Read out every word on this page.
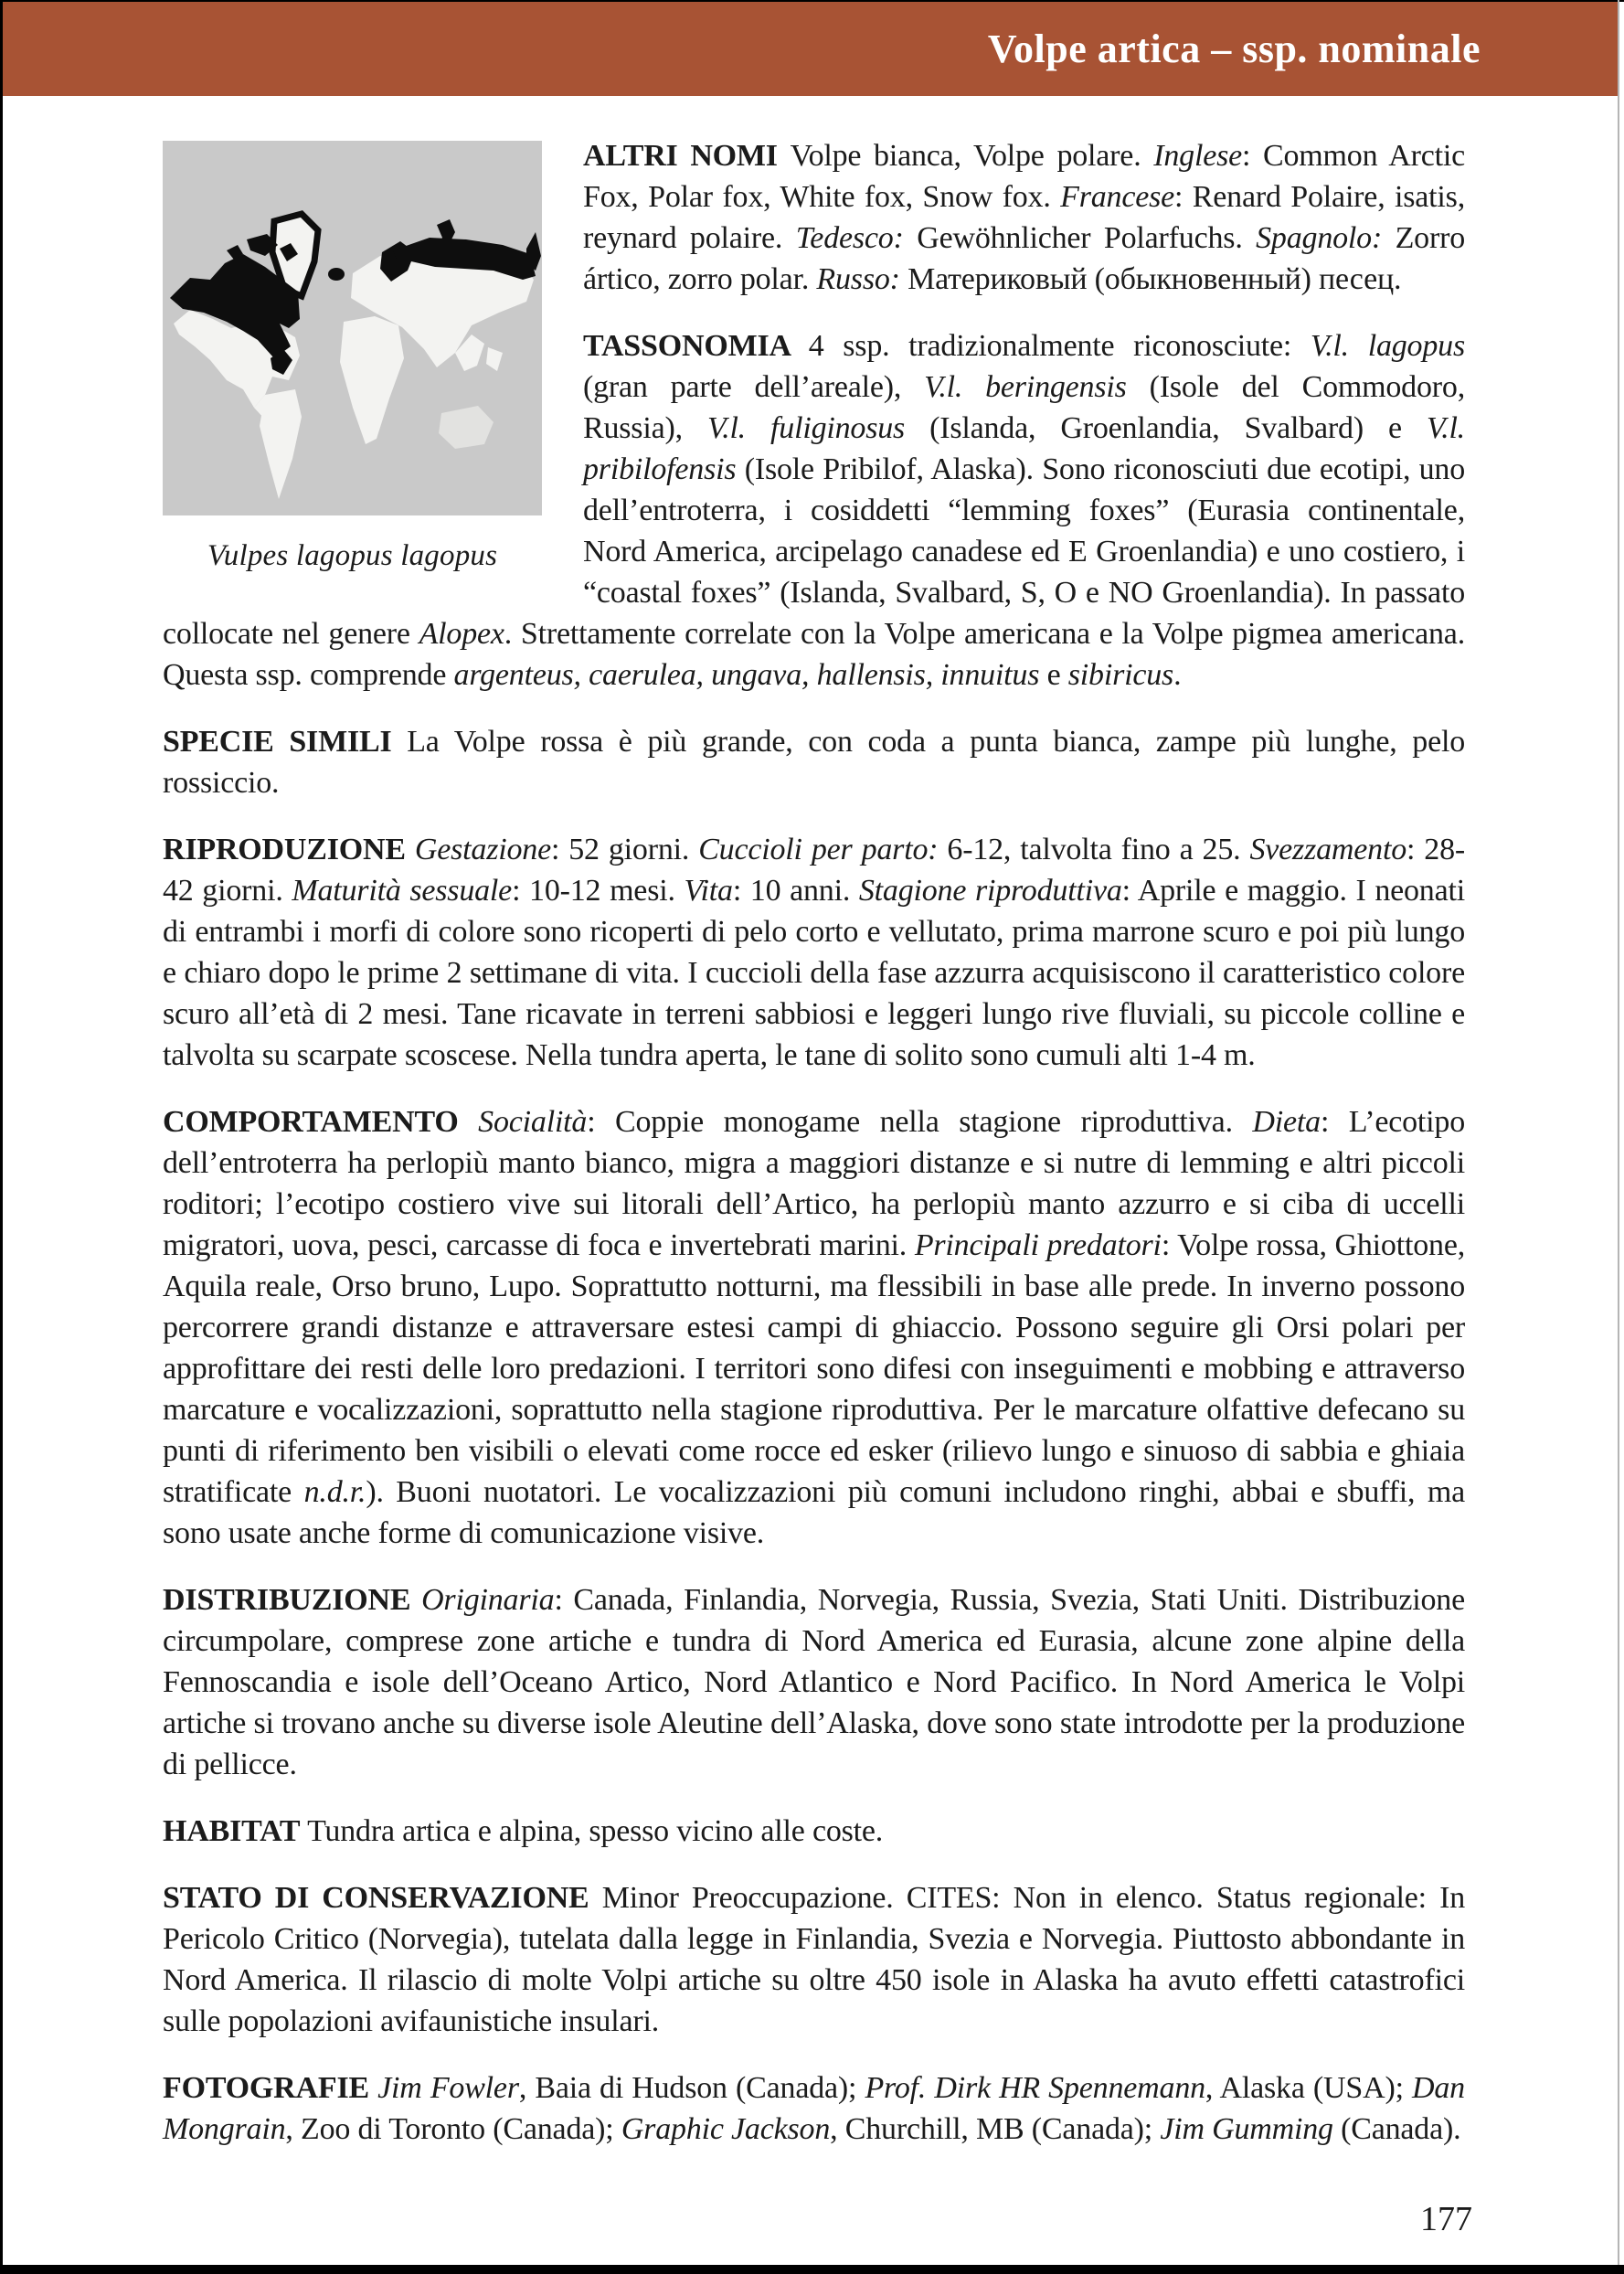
Volpe artica – ssp. nominale
Vulpes lagopus lagopus

ALTRI NOMI Volpe bianca, Volpe polare. Inglese: Common Arctic Fox, Polar fox, White fox, Snow fox. Francese: Renard Polaire, isatis, reynard polaire. Tedesco: Gewöhnlicher Polarfuchs. Spagnolo: Zorro ártico, zorro polar. Russo: Материковый (обыкновенный) песец.

TASSONOMIA 4 ssp. tradizionalmente riconosciute: V.l. lagopus (gran parte dell’areale), V.l. beringensis (Isole del Commodoro, Russia), V.l. fuliginosus (Islanda, Groenlandia, Svalbard) e V.l. pribilofensis (Isole Pribilof, Alaska). Sono riconosciuti due ecotipi, uno dell’entroterra, i cosiddetti “lemming foxes” (Eurasia continentale, Nord America, arcipelago canadese ed E Groenlandia) e uno costiero, i “coastal foxes” (Islanda, Svalbard, S, O e NO Groenlandia). In passato collocate nel genere Alopex. Strettamente correlate con la Volpe americana e la Volpe pigmea americana. Questa ssp. comprende argenteus, caerulea, ungava, hallensis, innuitus e sibiricus.

SPECIE SIMILI La Volpe rossa è più grande, con coda a punta bianca, zampe più lunghe, pelo rossiccio.

RIPRODUZIONE Gestazione: 52 giorni. Cuccioli per parto: 6-12, talvolta fino a 25. Svezzamento: 28-42 giorni. Maturità sessuale: 10-12 mesi. Vita: 10 anni. Stagione riproduttiva: Aprile e maggio. I neonati di entrambi i morfi di colore sono ricoperti di pelo corto e vellutato, prima marrone scuro e poi più lungo e chiaro dopo le prime 2 settimane di vita. I cuccioli della fase azzurra acquisiscono il caratteristico colore scuro all’età di 2 mesi. Tane ricavate in terreni sabbiosi e leggeri lungo rive fluviali, su piccole colline e talvolta su scarpate scoscese. Nella tundra aperta, le tane di solito sono cumuli alti 1-4 m.

COMPORTAMENTO Socialità: Coppie monogame nella stagione riproduttiva. Dieta: L’ecotipo dell’entroterra ha perlopiù manto bianco, migra a maggiori distanze e si nutre di lemming e altri piccoli roditori; l’ecotipo costiero vive sui litorali dell’Artico, ha perlopiù manto azzurro e si ciba di uccelli migratori, uova, pesci, carcasse di foca e invertebrati marini. Principali predatori: Volpe rossa, Ghiottone, Aquila reale, Orso bruno, Lupo. Soprattutto notturni, ma flessibili in base alle prede. In inverno possono percorrere grandi distanze e attraversare estesi campi di ghiaccio. Possono seguire gli Orsi polari per approfittare dei resti delle loro predazioni. I territori sono difesi con inseguimenti e mobbing e attraverso marcature e vocalizzazioni, soprattutto nella stagione riproduttiva. Per le marcature olfattive defecano su punti di riferimento ben visibili o elevati come rocce ed esker (rilievo lungo e sinuoso di sabbia e ghiaia stratificate n.d.r.). Buoni nuotatori. Le vocalizzazioni più comuni includono ringhi, abbai e sbuffi, ma sono usate anche forme di comunicazione visive.

DISTRIBUZIONE Originaria: Canada, Finlandia, Norvegia, Russia, Svezia, Stati Uniti. Distribuzione circumpolare, comprese zone artiche e tundra di Nord America ed Eurasia, alcune zone alpine della Fennoscandia e isole dell’Oceano Artico, Nord Atlantico e Nord Pacifico. In Nord America le Volpi artiche si trovano anche su diverse isole Aleutine dell’Alaska, dove sono state introdotte per la produzione di pellicce.

HABITAT Tundra artica e alpina, spesso vicino alle coste.

STATO DI CONSERVAZIONE Minor Preoccupazione. CITES: Non in elenco. Status regionale: In Pericolo Critico (Norvegia), tutelata dalla legge in Finlandia, Svezia e Norvegia. Piuttosto abbondante in Nord America. Il rilascio di molte Volpi artiche su oltre 450 isole in Alaska ha avuto effetti catastrofici sulle popolazioni avifaunistiche insulari.

FOTOGRAFIE Jim Fowler, Baia di Hudson (Canada); Prof. Dirk HR Spennemann, Alaska (USA); Dan Mongrain, Zoo di Toronto (Canada); Graphic Jackson, Churchill, MB (Canada); Jim Gumming (Canada).

177
